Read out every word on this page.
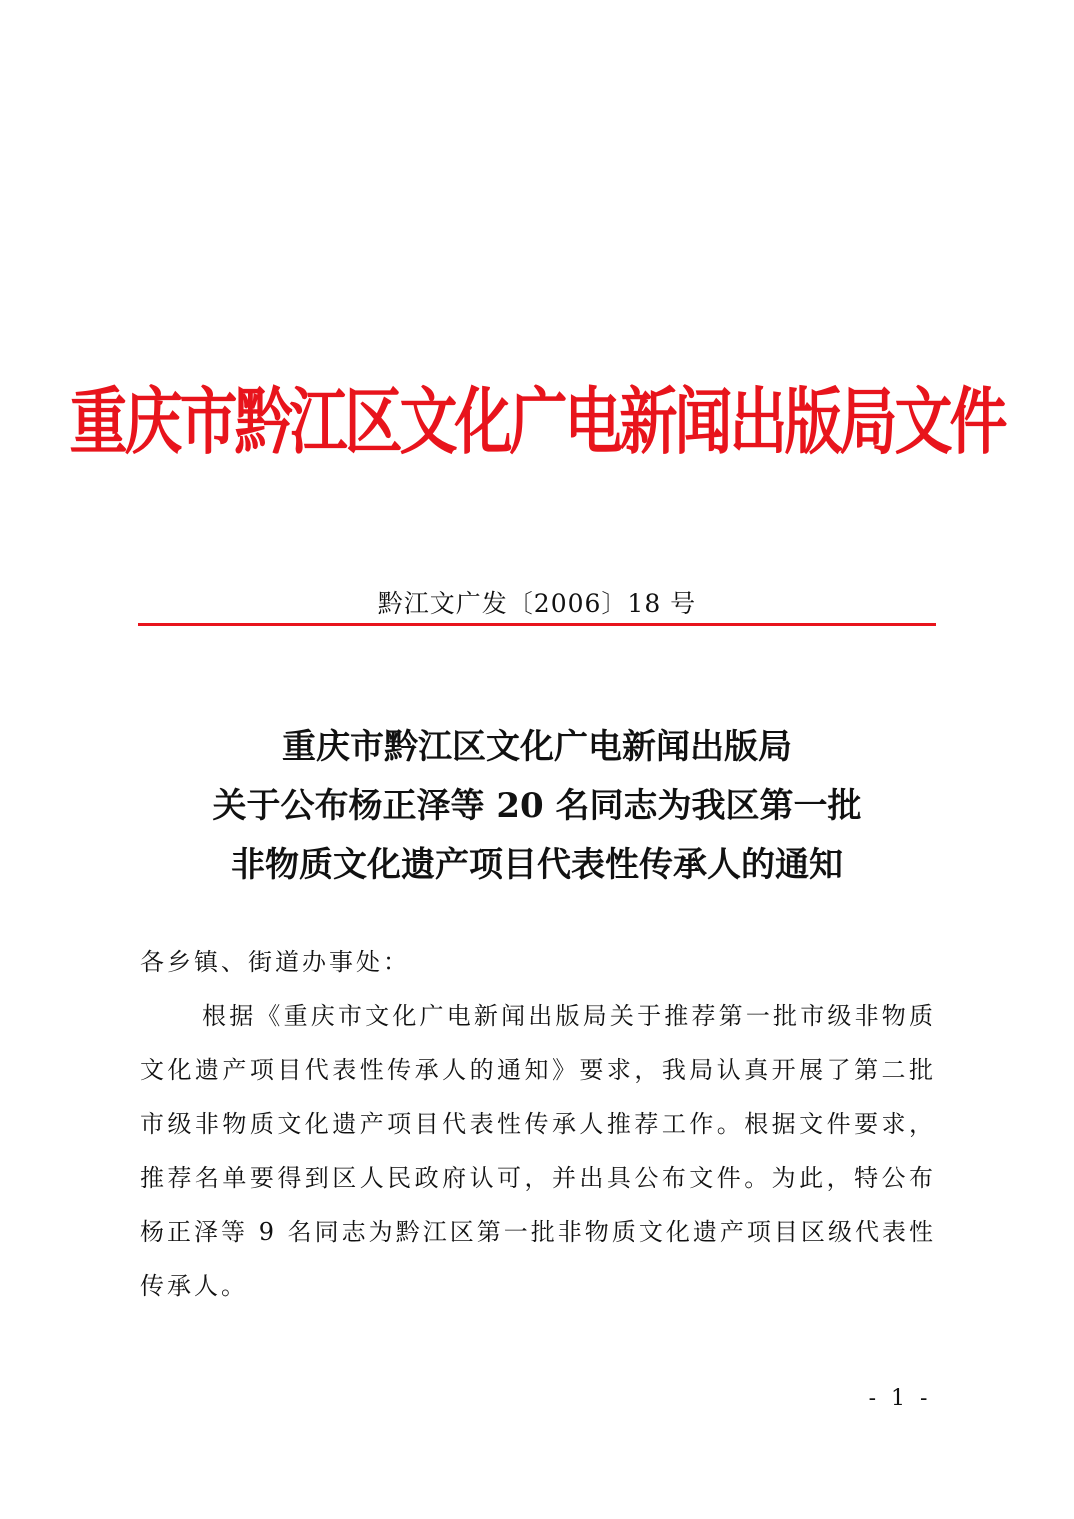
重庆市黔江区文化广电新闻出版局文件
黔江文广发〔2006〕18 号
重庆市黔江区文化广电新闻出版局
关于公布杨正泽等 20 名同志为我区第一批
非物质文化遗产项目代表性传承人的通知
各乡镇、街道办事处：
根据《重庆市文化广电新闻出版局关于推荐第一批市级非物质文化遗产项目代表性传承人的通知》要求，我局认真开展了第二批市级非物质文化遗产项目代表性传承人推荐工作。根据文件要求，推荐名单要得到区人民政府认可，并出具公布文件。为此，特公布杨正泽等 9 名同志为黔江区第一批非物质文化遗产项目区级代表性传承人。
- 1 -
